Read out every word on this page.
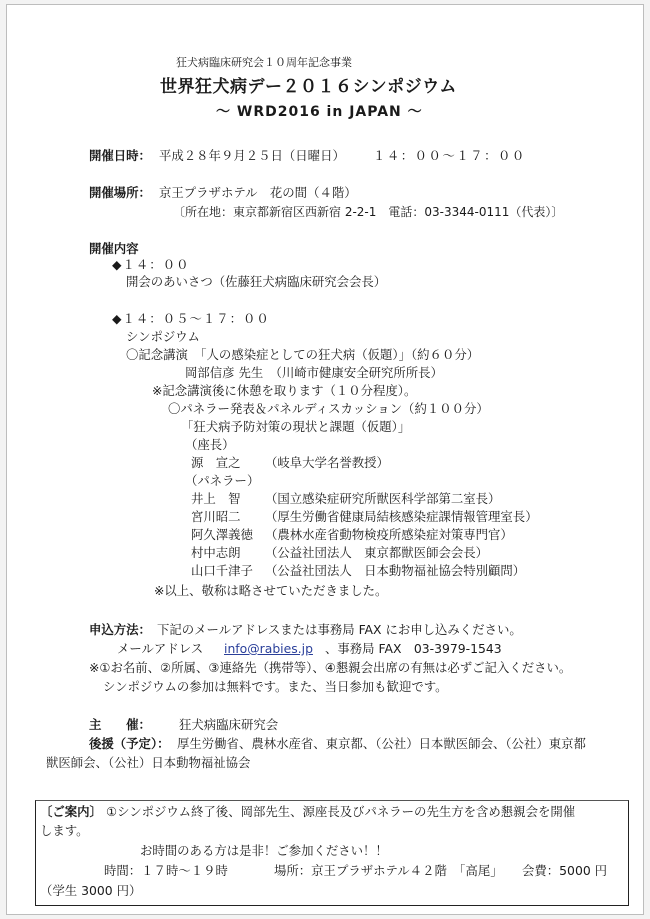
狂犬病臨床研究会１０周年記念事業
世界狂犬病デー２０１６シンポジウム
～ WRD2016 in JAPAN ～
開催日時： 平成２８年９月２５日（日曜日） １４：００～１７：００
開催場所： 京王プラザホテル　花の間（４階）
〔所在地：東京都新宿区西新宿 2-2-1　電話：03-3344-0111（代表）〕
開催内容
◆１４：００
開会のあいさつ（佐藤狂犬病臨床研究会会長）
◆１４：０５～１７：００
シンポジウム
〇記念講演　「人の感染症としての狂犬病（仮題）」（約６０分）
岡部信彦 先生　（川崎市健康安全研究所所長）
※記念講演後に休憩を取ります（１０分程度）。
〇パネラー発表＆パネルディスカッション（約１００分）
「狂犬病予防対策の現状と課題（仮題）」
（座長）
源　宣之 （岐阜大学名誉教授）
（パネラー）
井上　智 （国立感染症研究所獣医科学部第二室長）
宮川昭二 （厚生労働省健康局結核感染症課情報管理室長）
阿久澤義徳 （農林水産省動物検疫所感染症対策専門官）
村中志朗 （公益社団法人　東京都獣医師会会長）
山口千津子 （公益社団法人　日本動物福祉協会特別顧問）
※以上、敬称は略させていただきました。
申込方法： 下記のメールアドレスまたは事務局 FAX にお申し込みください。
メールアドレス info@rabies.jp 、事務局 FAX　03-3979-1543
※①お名前、②所属、③連絡先（携帯等）、④懇親会出席の有無は必ずご記入ください。
シンポジウムの参加は無料です。また、当日参加も歓迎です。
主　　催： 狂犬病臨床研究会
後援（予定）： 厚生労働省、農林水産省、東京都、（公社）日本獣医師会、（公社）東京都
獣医師会、（公社）日本動物福祉協会
〔ご案内〕 ①シンポジウム終了後、岡部先生、源座長及びパネラーの先生方を含め懇親会を開催
します。
お時間のある方は是非！ご参加ください！！
時間：１７時～１９時	場所：京王プラザホテル４２階　「高尾」 会費：5000 円
（学生 3000 円）
